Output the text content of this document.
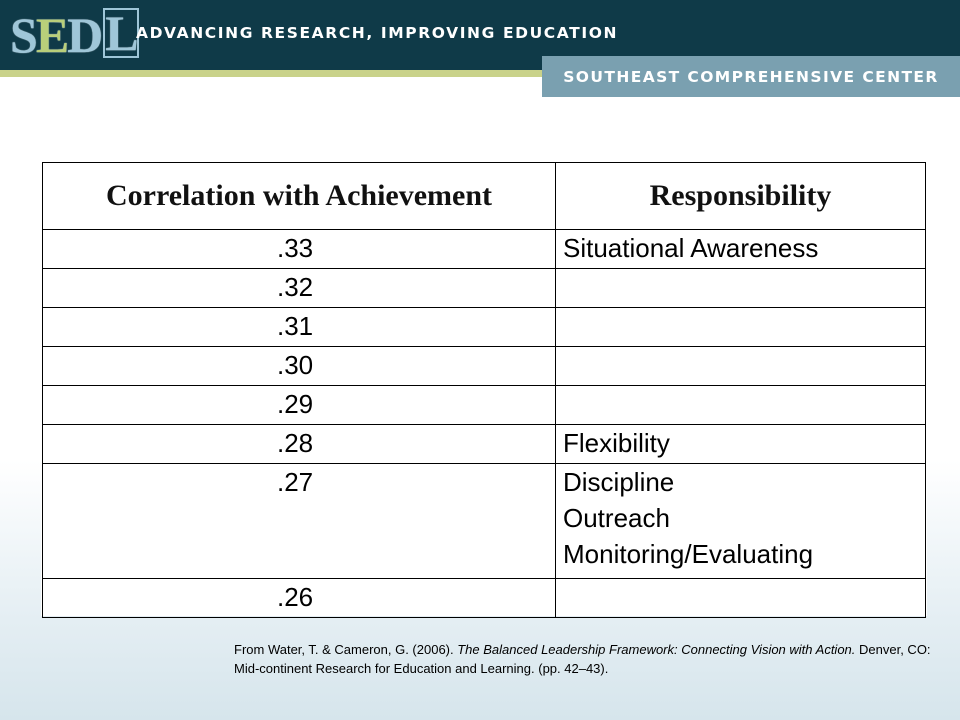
S E D L ADVANCING RESEARCH, IMPROVING EDUCATION
SOUTHEAST COMPREHENSIVE CENTER
Correlation with Achievement	Responsibility
.33	Situational Awareness

.32	
.31	
.30	
.29	
.28	Flexibility

.27	Discipline
Outreach
Monitoring/Evaluating

.26	
From Water, T. & Cameron, G. (2006). The Balanced Leadership Framework: Connecting Vision with Action. Denver, CO: Mid-continent Research for Education and Learning. (pp. 42–43).
